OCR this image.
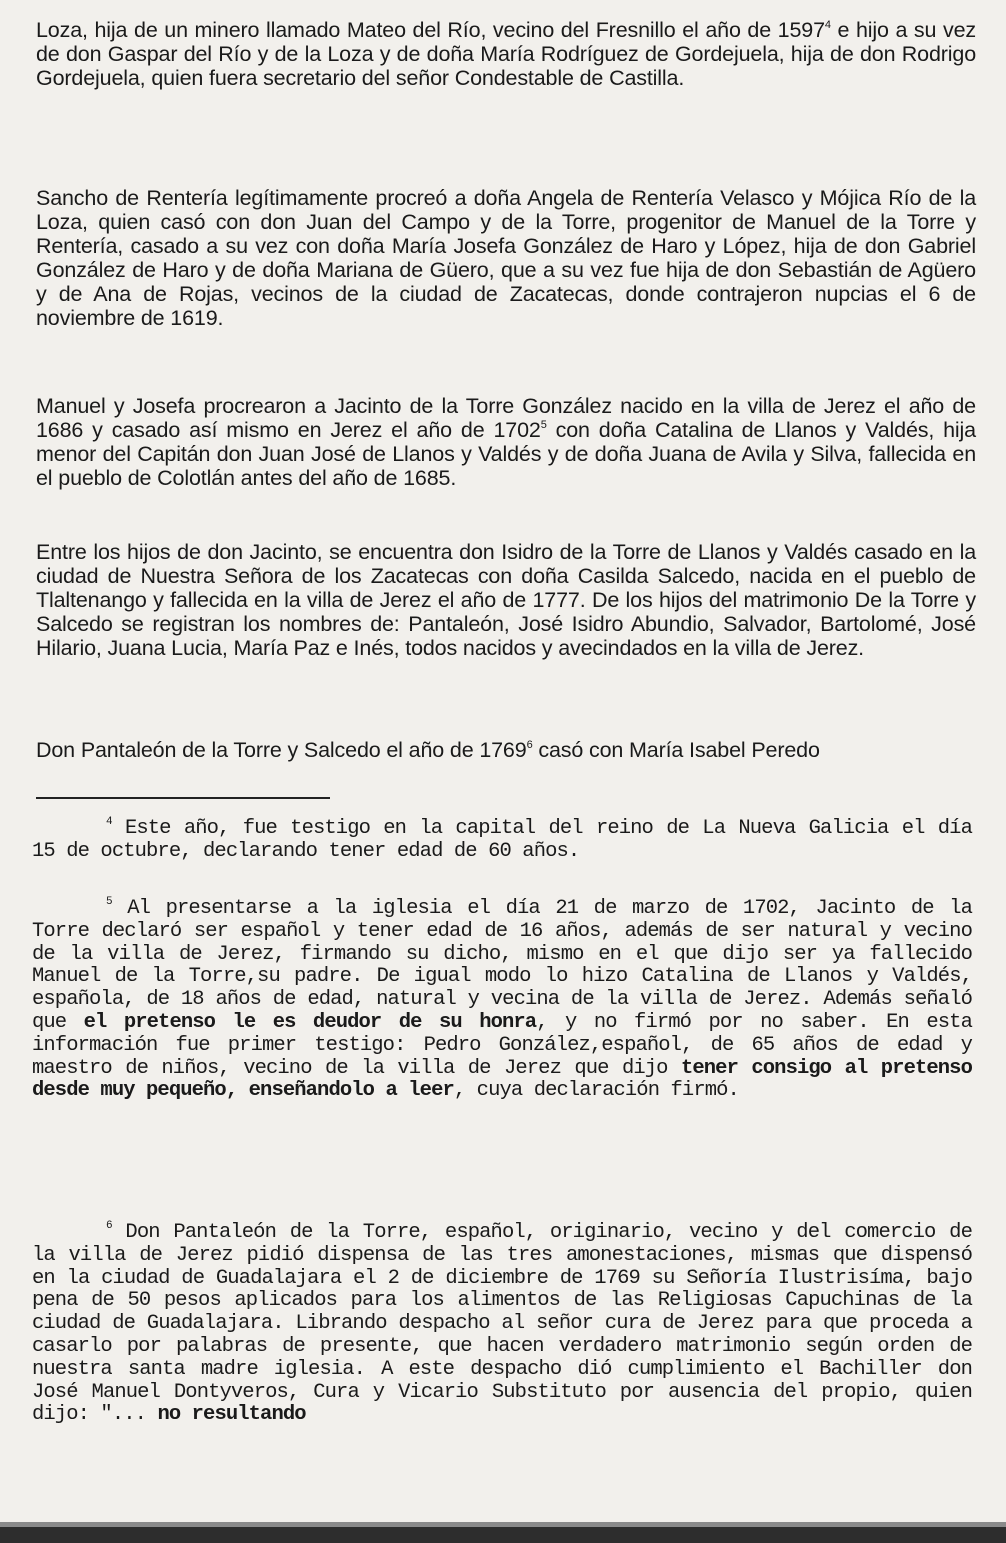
Loza, hija de un minero llamado Mateo del Río, vecino del Fresnillo el año de 1597$^4$ e hijo a su vez de don Gaspar del Río y de la Loza y de doña María Rodríguez de Gordejuela, hija de don Rodrigo Gordejuela, quien fuera secretario del señor Condestable de Castilla.

Sancho de Rentería legítimamente procreó a doña Angela de Rentería Velasco y Mójica Río de la Loza, quien casó con don Juan del Campo y de la Torre, progenitor de Manuel de la Torre y Rentería, casado a su vez con doña María Josefa González de Haro y López, hija de don Gabriel González de Haro y de doña Mariana de Güero, que a su vez fue hija de don Sebastián de Agüero y de Ana de Rojas, vecinos de la ciudad de Zacatecas, donde contrajeron nupcias el 6 de noviembre de 1619.

Manuel y Josefa procrearon a Jacinto de la Torre González nacido en la villa de Jerez el año de 1686 y casado así mismo en Jerez el año de 1702$^5$ con doña Catalina de Llanos y Valdés, hija menor del Capitán don Juan José de Llanos y Valdés y de doña Juana de Avila y Silva, fallecida en el pueblo de Colotlán antes del año de 1685.

Entre los hijos de don Jacinto, se encuentra don Isidro de la Torre de Llanos y Valdés casado en la ciudad de Nuestra Señora de los Zacatecas con doña Casilda Salcedo, nacida en el pueblo de Tlaltenango y fallecida en la villa de Jerez el año de 1777. De los hijos del matrimonio De la Torre y Salcedo se registran los nombres de: Pantaleón, José Isidro Abundio, Salvador, Bartolomé, José Hilario, Juana Lucia, María Paz e Inés, todos nacidos y avecindados en la villa de Jerez.

Don Pantaleón de la Torre y Salcedo el año de 1769$^6$ casó con María Isabel Peredo

$^4$ Este año, fue testigo en la capital del reino de La Nueva Galicia el día 15 de octubre, declarando tener edad de 60 años.

$^5$ Al presentarse a la iglesia el día 21 de marzo de 1702, Jacinto de la Torre declaró ser español y tener edad de 16 años, además de ser natural y vecino de la villa de Jerez, firmando su dicho, mismo en el que dijo ser ya fallecido Manuel de la Torre,su padre. De igual modo lo hizo Catalina de Llanos y Valdés, española, de 18 años de edad, natural y vecina de la villa de Jerez. Además señaló que el pretenso le es deudor de su honra, y no firmó por no saber. En esta información fue primer testigo: Pedro González,español, de 65 años de edad y maestro de niños, vecino de la villa de Jerez que dijo tener consigo al pretenso desde muy pequeño, enseñandolo a leer, cuya declaración firmó.

$^6$ Don Pantaleón de la Torre, español, originario, vecino y del comercio de la villa de Jerez pidió dispensa de las tres amonestaciones, mismas que dispensó en la ciudad de Guadalajara el 2 de diciembre de 1769 su Señoría Ilustrisíma, bajo pena de 50 pesos aplicados para los alimentos de las Religiosas Capuchinas de la ciudad de Guadalajara. Librando despacho al señor cura de Jerez para que proceda a casarlo por palabras de presente, que hacen verdadero matrimonio según orden de nuestra santa madre iglesia. A este despacho dió cumplimiento el Bachiller don José Manuel Dontyveros, Cura y Vicario Substituto por ausencia del propio, quien dijo: "... no resultando
